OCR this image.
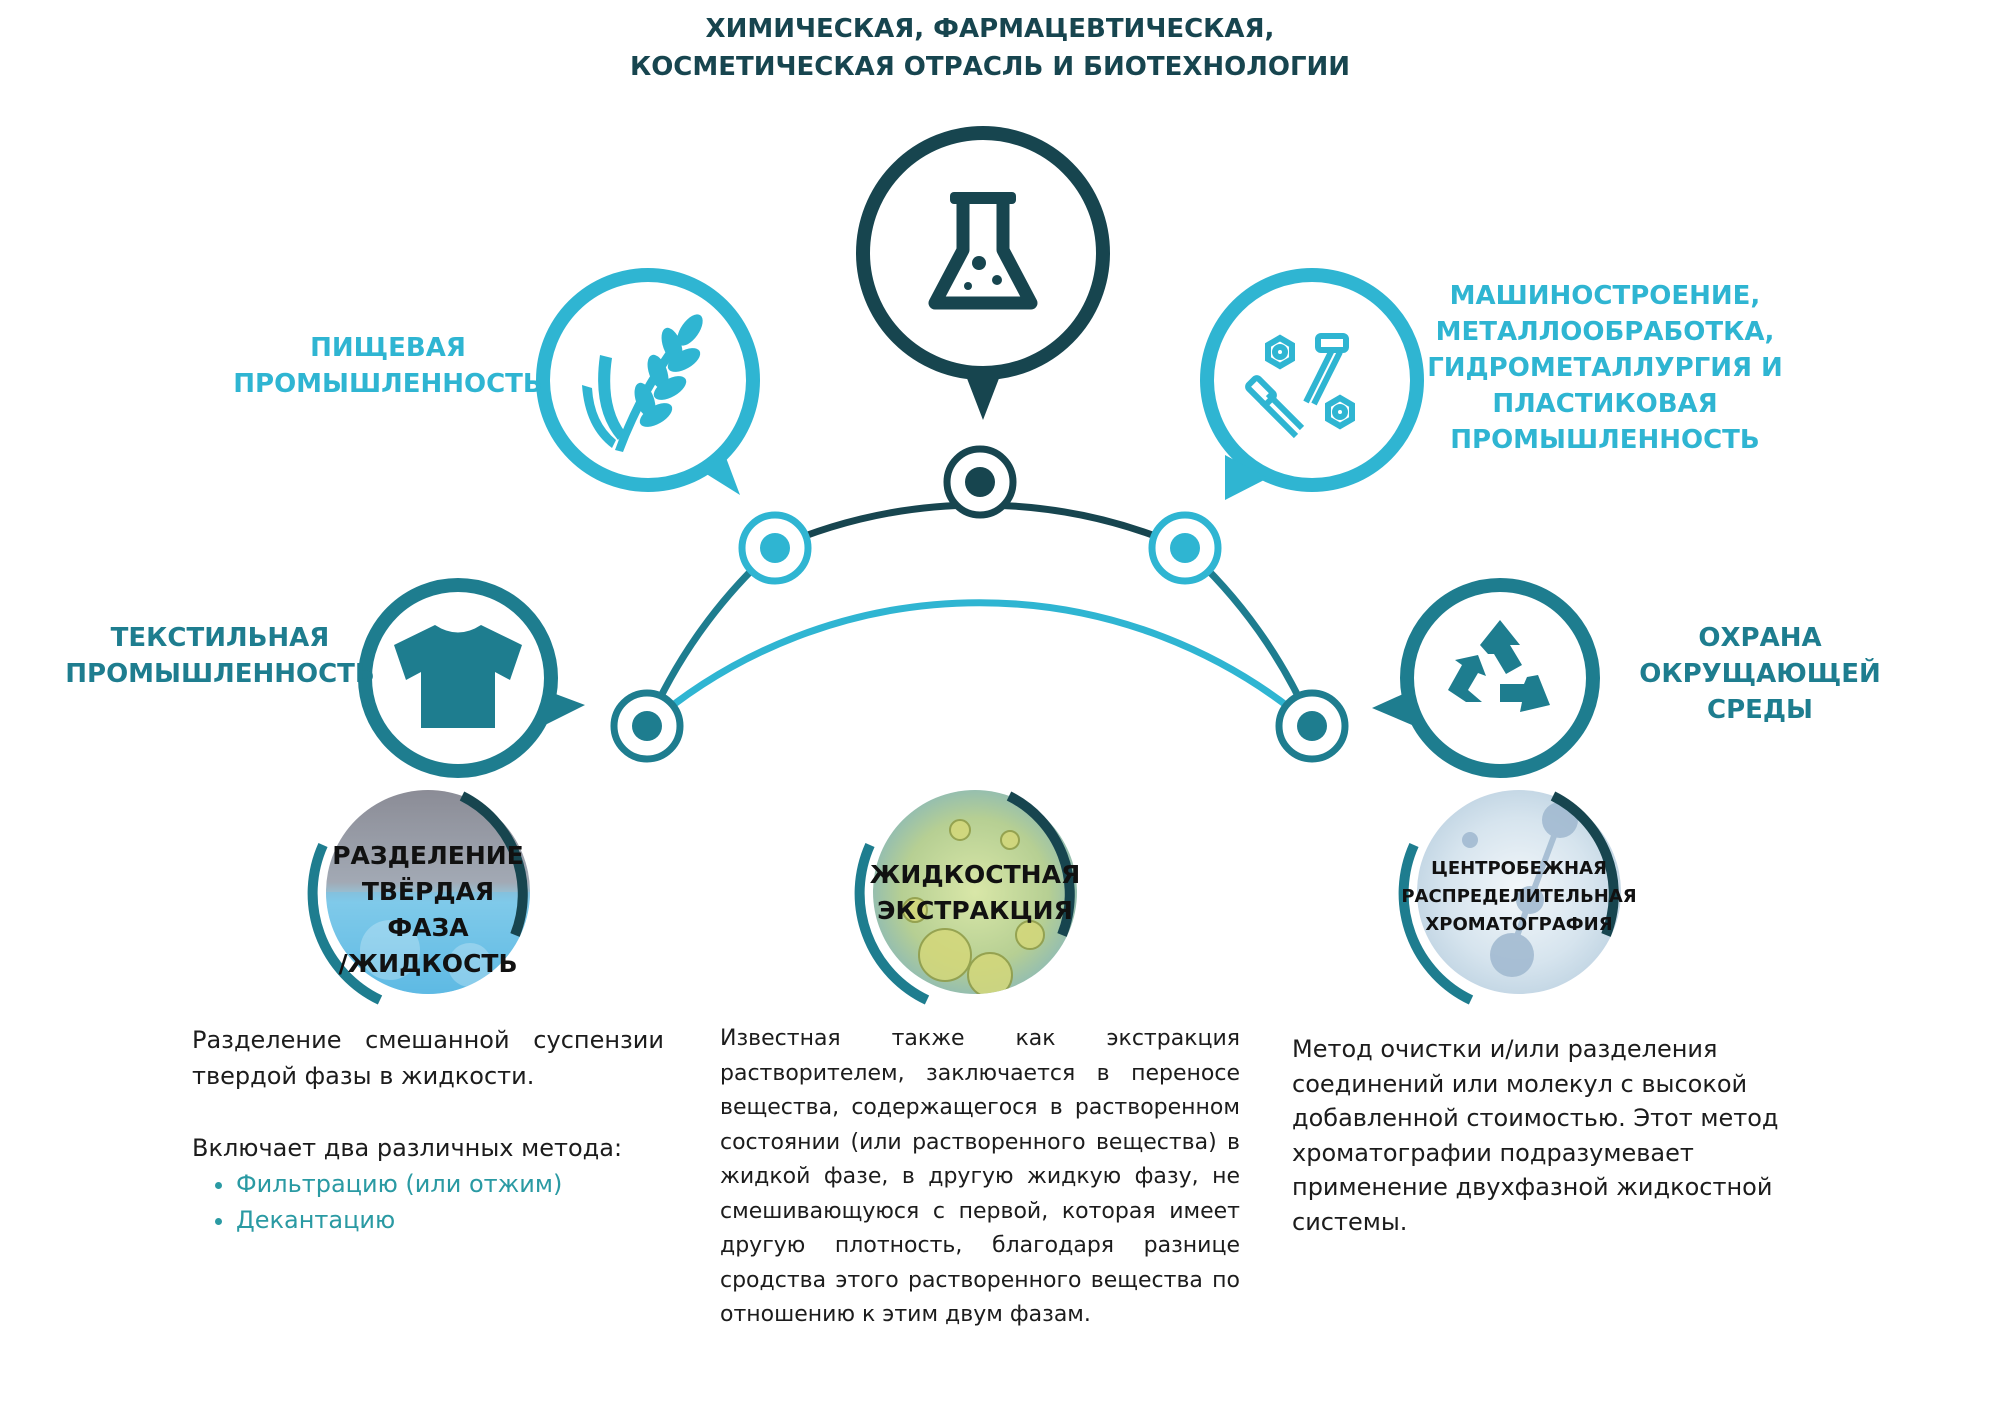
ХИМИЧЕСКАЯ, ФАРМАЦЕВТИЧЕСКАЯ,
КОСМЕТИЧЕСКАЯ ОТРАСЛЬ И БИОТЕХНОЛОГИИ
ПИЩЕВАЯ
ПРОМЫШЛЕННОСТЬ
МАШИНОСТРОЕНИЕ,
МЕТАЛЛООБРАБОТКА,
ГИДРОМЕТАЛЛУРГИЯ И
ПЛАСТИКОВАЯ
ПРОМЫШЛЕННОСТЬ
ТЕКСТИЛЬНАЯ
ПРОМЫШЛЕННОСТЬ
ОХРАНА ОКРУЩАЮЩЕЙ
СРЕДЫ
РАЗДЕЛЕНИЕ
ТВЁРДАЯ ФАЗА
/ЖИДКОСТЬ
ЖИДКОСТНАЯ
ЭКСТРАКЦИЯ
ЦЕНТРОБЕЖНАЯ
РАСПРЕДЕЛИТЕЛЬНАЯ
ХРОМАТОГРАФИЯ

Разделение смешанной суспензии твердой фазы в жидкости.

Включает два различных метода:

• Фильтрацию (или отжим)
• Декантацию

Известная также как экстракция растворителем, заключается в переносе вещества, содержащегося в растворенном состоянии (или растворенного вещества) в жидкой фазе, в другую жидкую фазу, не смешивающуюся с первой, которая имеет другую плотность, благодаря разнице сродства этого растворенного вещества по отношению к этим двум фазам.

Метод очистки и/или разделения соединений или молекул с высокой добавленной стоимостью. Этот метод хроматографии подразумевает применение двухфазной жидкостной системы.
